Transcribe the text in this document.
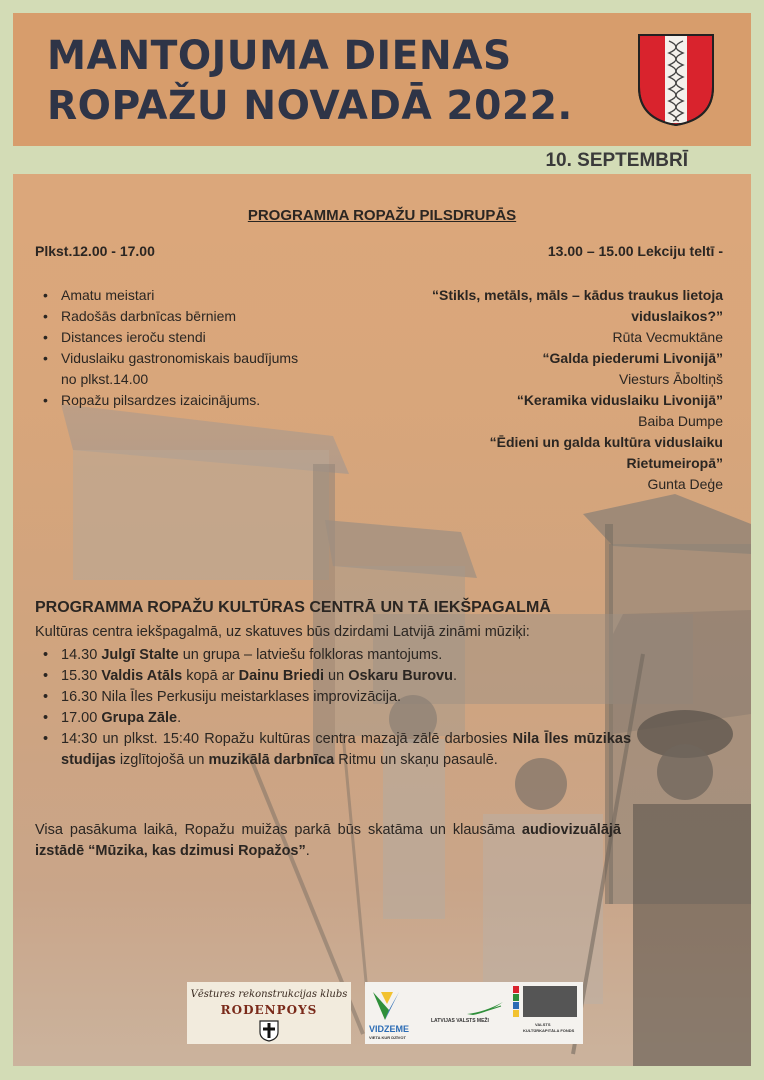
MANTOJUMA DIENAS
ROPAŽU NOVADĀ 2022.
10. SEPTEMBRĪ
PROGRAMMA ROPAŽU PILSDRUPĀS
Plkst.12.00 - 17.00	13.00 – 15.00 Lekciju teltī -
• Amatu meistari
• Radošās darbnīcas bērniem
• Distances ieroču stendi
• Viduslaiku gastronomiskais baudījums
no plkst.14.00
• Ropažu pilsardzes izaicinājums.
“Stikls, metāls, māls – kādus traukus lietoja
viduslaikos?”
Rūta Vecmuktāne
“Galda piederumi Livonijā”
Viesturs Āboltiņš
“Keramika viduslaiku Livonijā”
Baiba Dumpe
“Ēdieni un galda kultūra viduslaiku
Rietumeiropā”
Gunta Deģe
PROGRAMMA ROPAŽU KULTŪRAS CENTRĀ UN TĀ IEKŠPAGALMĀ
Kultūras centra iekšpagalmā, uz skatuves būs dzirdami Latvijā zināmi mūziķi:
• 14.30 Julgī Stalte un grupa – latviešu folkloras mantojums.
• 15.30 Valdis Atāls kopā ar Dainu Briedi un Oskaru Burovu.
• 16.30 Nila Īles Perkusiju meistarklases improvizācija.
• 17.00 Grupa Zāle.
• 14:30 un plkst. 15:40 Ropažu kultūras centra mazajā zālē darbosies Nila Īles mūzikas studijas izglītojošā un muzikālā darbnīca Ritmu un skaņu pasaulē.
Visa pasākuma laikā, Ropažu muižas parkā būs skatāma un klausāma audiovizuālājā izstādē “Mūzika, kas dzimusi Ropažos”.
Vēstures rekonstrukcijas klubs
RODENPOYS
VIDZEME
VIETA KUR DZĪVOT
LATVIJAS VALSTS MEŽI
VALSTS
KULTŪRKAPITĀLA FONDS
